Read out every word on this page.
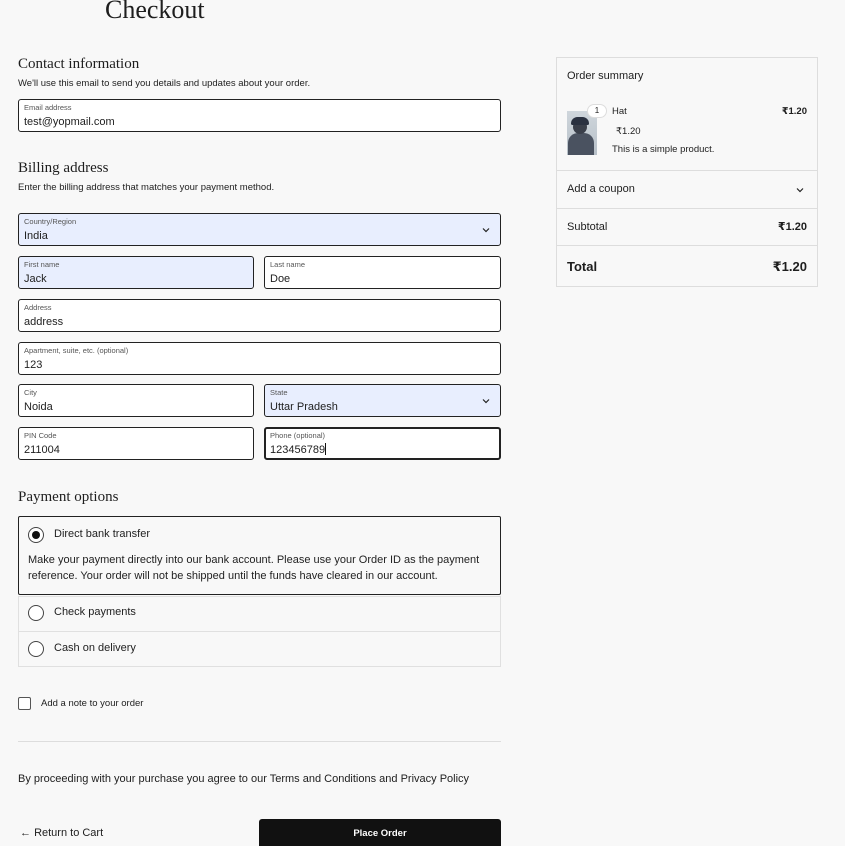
Checkout
Contact information

We'll use this email to send you details and updates about your order.

Email address
test@yopmail.com
Billing address

Enter the billing address that matches your payment method.

Country/Region
India
First name
Jack
Last name
Doe
Address
address
Apartment, suite, etc. (optional)
123
City
Noida
State
Uttar Pradesh
PIN Code
211004
Phone (optional)
123456789
Payment options
Direct bank transfer

Make your payment directly into our bank account. Please use your Order ID as the payment reference. Your order will not be shipped until the funds have cleared in our account.

Check payments
Cash on delivery
Add a note to your order

By proceeding with your purchase you agree to our Terms and Conditions and Privacy Policy

← Return to Cart	Place Order
Order summary
1	Hat	₹1.20
₹1.20
This is a simple product.
Add a coupon
Subtotal	₹1.20
Total	₹1.20
